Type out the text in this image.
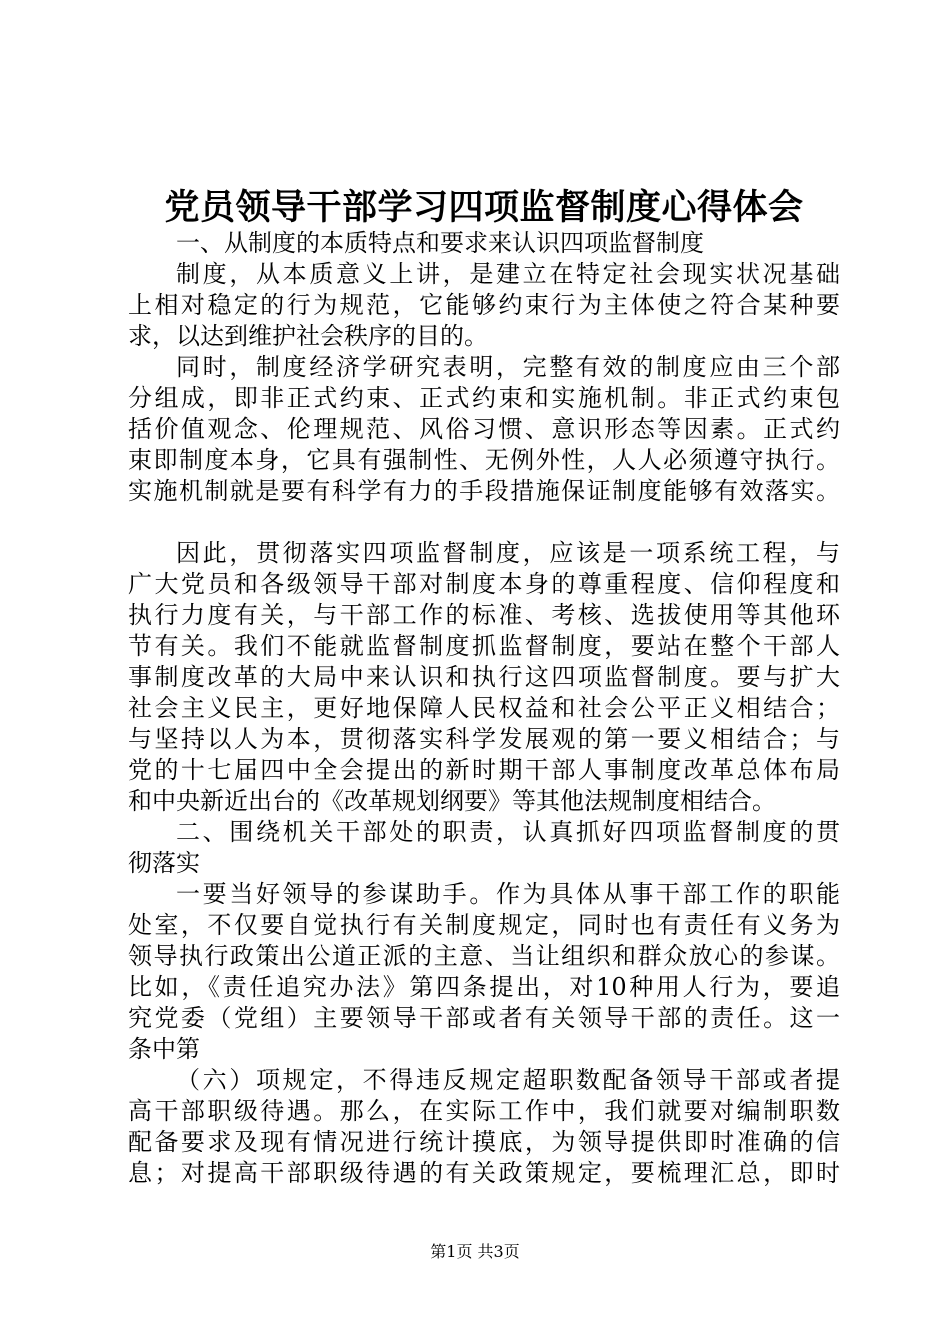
党员领导干部学习四项监督制度心得体会
一、从制度的本质特点和要求来认识四项监督制度
制度，从本质意义上讲，是建立在特定社会现实状况基础
上相对稳定的行为规范，它能够约束行为主体使之符合某种要
求，以达到维护社会秩序的目的。
同时，制度经济学研究表明，完整有效的制度应由三个部
分组成，即非正式约束、正式约束和实施机制。非正式约束包
括价值观念、伦理规范、风俗习惯、意识形态等因素。正式约
束即制度本身，它具有强制性、无例外性，人人必须遵守执行。
实施机制就是要有科学有力的手段措施保证制度能够有效落实。
因此，贯彻落实四项监督制度，应该是一项系统工程，与
广大党员和各级领导干部对制度本身的尊重程度、信仰程度和
执行力度有关，与干部工作的标准、考核、选拔使用等其他环
节有关。我们不能就监督制度抓监督制度，要站在整个干部人
事制度改革的大局中来认识和执行这四项监督制度。要与扩大
社会主义民主，更好地保障人民权益和社会公平正义相结合；
与坚持以人为本，贯彻落实科学发展观的第一要义相结合；与
党的十七届四中全会提出的新时期干部人事制度改革总体布局
和中央新近出台的《改革规划纲要》等其他法规制度相结合。
二、围绕机关干部处的职责，认真抓好四项监督制度的贯
彻落实
一要当好领导的参谋助手。作为具体从事干部工作的职能
处室，不仅要自觉执行有关制度规定，同时也有责任有义务为
领导执行政策出公道正派的主意、当让组织和群众放心的参谋。
比如，《责任追究办法》第四条提出，对10种用人行为，要追
究党委（党组）主要领导干部或者有关领导干部的责任。这一
条中第
（六）项规定，不得违反规定超职数配备领导干部或者提
高干部职级待遇。那么，在实际工作中，我们就要对编制职数
配备要求及现有情况进行统计摸底，为领导提供即时准确的信
息；对提高干部职级待遇的有关政策规定，要梳理汇总，即时
第1页 共3页
